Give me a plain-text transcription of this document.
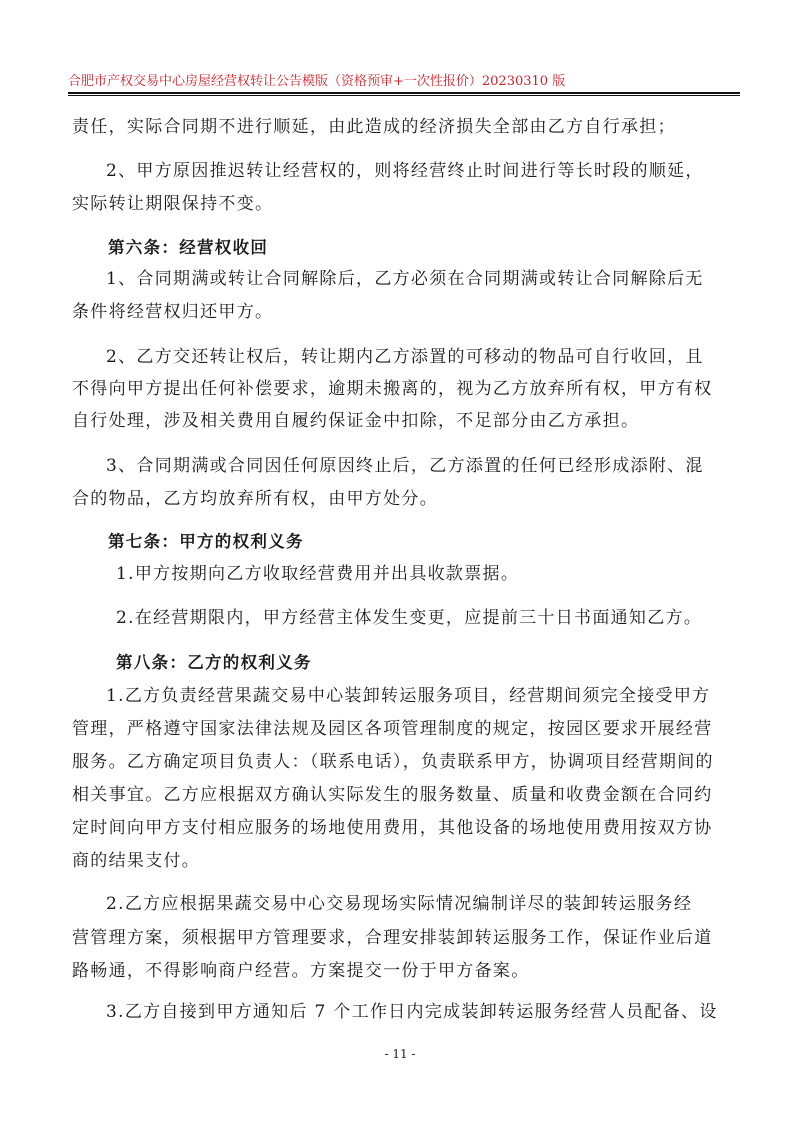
合肥市产权交易中心房屋经营权转让公告模版（资格预审+一次性报价）20230310 版
责任，实际合同期不进行顺延，由此造成的经济损失全部由乙方自行承担；
2、甲方原因推迟转让经营权的，则将经营终止时间进行等长时段的顺延，
实际转让期限保持不变。
第六条：经营权收回
1、合同期满或转让合同解除后，乙方必须在合同期满或转让合同解除后无
条件将经营权归还甲方。
2、乙方交还转让权后，转让期内乙方添置的可移动的物品可自行收回，且
不得向甲方提出任何补偿要求，逾期未搬离的，视为乙方放弃所有权，甲方有权
自行处理，涉及相关费用自履约保证金中扣除，不足部分由乙方承担。
3、合同期满或合同因任何原因终止后，乙方添置的任何已经形成添附、混
合的物品，乙方均放弃所有权，由甲方处分。
第七条：甲方的权利义务
1.甲方按期向乙方收取经营费用并出具收款票据。
2.在经营期限内，甲方经营主体发生变更，应提前三十日书面通知乙方。
第八条：乙方的权利义务
1.乙方负责经营果蔬交易中心装卸转运服务项目，经营期间须完全接受甲方
管理，严格遵守国家法律法规及园区各项管理制度的规定，按园区要求开展经营
服务。乙方确定项目负责人：（联系电话），负责联系甲方，协调项目经营期间的
相关事宜。乙方应根据双方确认实际发生的服务数量、质量和收费金额在合同约
定时间向甲方支付相应服务的场地使用费用，其他设备的场地使用费用按双方协
商的结果支付。
2.乙方应根据果蔬交易中心交易现场实际情况编制详尽的装卸转运服务经
营管理方案，须根据甲方管理要求，合理安排装卸转运服务工作，保证作业后道
路畅通，不得影响商户经营。方案提交一份于甲方备案。
3.乙方自接到甲方通知后 7 个工作日内完成装卸转运服务经营人员配备、设
- 11 -
